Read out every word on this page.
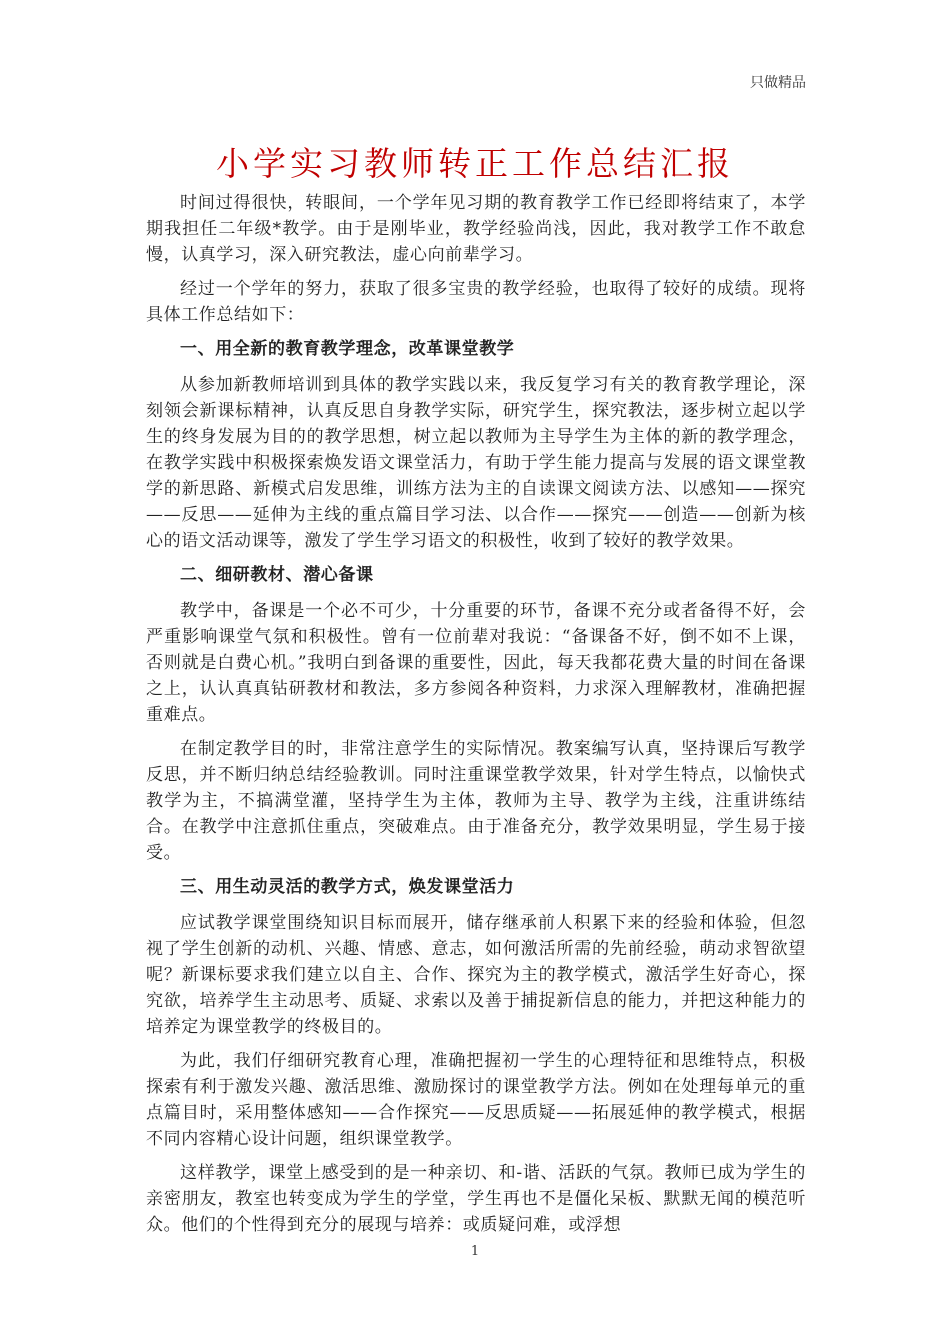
只做精品
小学实习教师转正工作总结汇报

时间过得很快，转眼间，一个学年见习期的教育教学工作已经即将结束了，本学期我担任二年级*教学。由于是刚毕业，教学经验尚浅，因此，我对教学工作不敢怠慢，认真学习，深入研究教法，虚心向前辈学习。

经过一个学年的努力，获取了很多宝贵的教学经验，也取得了较好的成绩。现将具体工作总结如下：

一、用全新的教育教学理念，改革课堂教学

从参加新教师培训到具体的教学实践以来，我反复学习有关的教育教学理论，深刻领会新课标精神，认真反思自身教学实际，研究学生，探究教法，逐步树立起以学生的终身发展为目的的教学思想，树立起以教师为主导学生为主体的新的教学理念，在教学实践中积极探索焕发语文课堂活力，有助于学生能力提高与发展的语文课堂教学的新思路、新模式启发思维，训练方法为主的自读课文阅读方法、以感知——探究——反思——延伸为主线的重点篇目学习法、以合作——探究——创造——创新为核心的语文活动课等，激发了学生学习语文的积极性，收到了较好的教学效果。

二、细研教材、潜心备课

教学中，备课是一个必不可少，十分重要的环节，备课不充分或者备得不好，会严重影响课堂气氛和积极性。曾有一位前辈对我说：“备课备不好，倒不如不上课，否则就是白费心机。”我明白到备课的重要性，因此，每天我都花费大量的时间在备课之上，认认真真钻研教材和教法，多方参阅各种资料，力求深入理解教材，准确把握重难点。

在制定教学目的时，非常注意学生的实际情况。教案编写认真，坚持课后写教学反思，并不断归纳总结经验教训。同时注重课堂教学效果，针对学生特点，以愉快式教学为主，不搞满堂灌，坚持学生为主体，教师为主导、教学为主线，注重讲练结合。在教学中注意抓住重点，突破难点。由于准备充分，教学效果明显，学生易于接受。

三、用生动灵活的教学方式，焕发课堂活力

应试教学课堂围绕知识目标而展开，储存继承前人积累下来的经验和体验，但忽视了学生创新的动机、兴趣、情感、意志，如何激活所需的先前经验，萌动求智欲望呢？新课标要求我们建立以自主、合作、探究为主的教学模式，激活学生好奇心，探究欲，培养学生主动思考、质疑、求索以及善于捕捉新信息的能力，并把这种能力的培养定为课堂教学的终极目的。

为此，我们仔细研究教育心理，准确把握初一学生的心理特征和思维特点，积极探索有利于激发兴趣、激活思维、激励探讨的课堂教学方法。例如在处理每单元的重点篇目时，采用整体感知——合作探究——反思质疑——拓展延伸的教学模式，根据不同内容精心设计问题，组织课堂教学。

这样教学，课堂上感受到的是一种亲切、和-谐、活跃的气氛。教师已成为学生的亲密朋友，教室也转变成为学生的学堂，学生再也不是僵化呆板、默默无闻的模范听众。他们的个性得到充分的展现与培养：或质疑问难，或浮想

1
